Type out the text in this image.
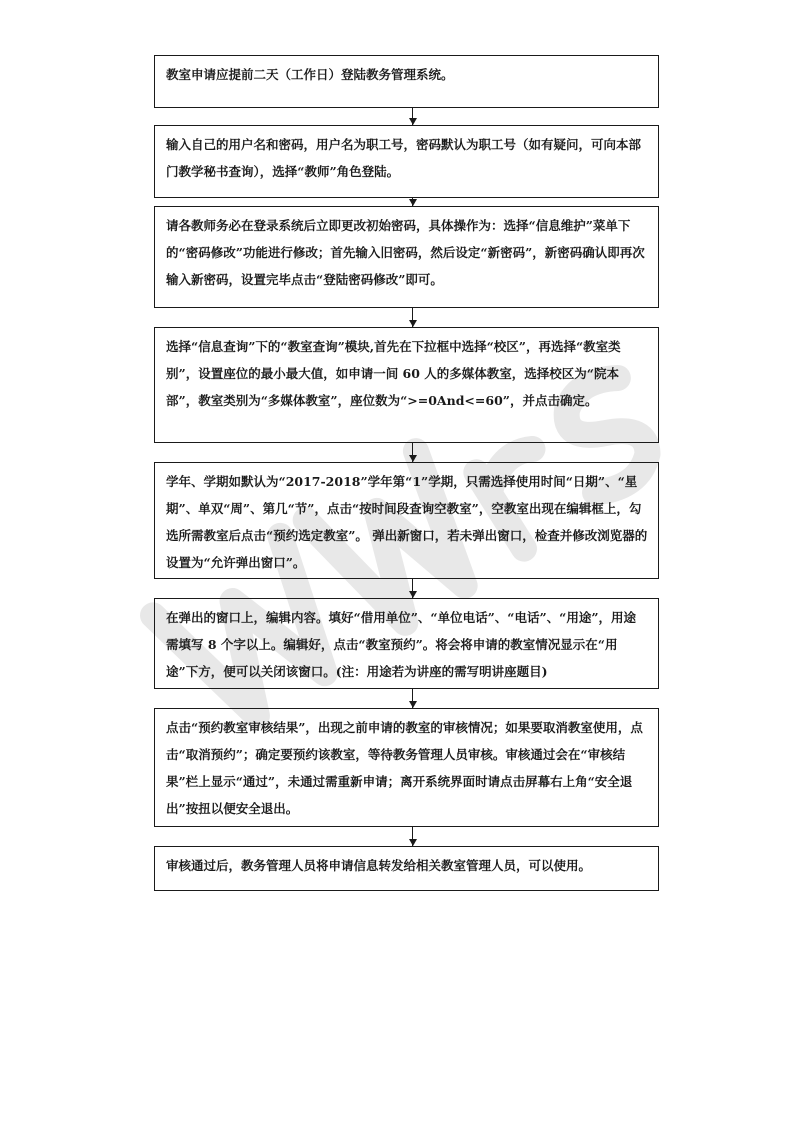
教室申请应提前二天（工作日）登陆教务管理系统。
输入自己的用户名和密码，用户名为职工号，密码默认为职工号（如有疑问，可向本部门教学秘书查询），选择“教师”角色登陆。
请各教师务必在登录系统后立即更改初始密码，具体操作为：选择“信息维护”菜单下的“密码修改”功能进行修改；首先输入旧密码，然后设定“新密码”，新密码确认即再次输入新密码，设置完毕点击“登陆密码修改”即可。
选择“信息查询”下的“教室查询”模块,首先在下拉框中选择“校区”，再选择“教室类别”，设置座位的最小最大值，如申请一间 60 人的多媒体教室，选择校区为“院本部”，教室类别为“多媒体教室”，座位数为“>=0And<=60”，并点击确定。
学年、学期如默认为“2017-2018”学年第“1”学期，只需选择使用时间“日期”、“星期”、单双“周”、第几“节”，点击“按时间段查询空教室”，空教室出现在编辑框上，勾选所需教室后点击“预约选定教室”。 弹出新窗口，若未弹出窗口，检查并修改浏览器的设置为“允许弹出窗口”。
在弹出的窗口上，编辑内容。填好“借用单位”、“单位电话”、“电话”、“用途”，用途需填写 8 个字以上。编辑好，点击“教室预约”。将会将申请的教室情况显示在“用途”下方，便可以关闭该窗口。(注：用途若为讲座的需写明讲座题目)
点击“预约教室审核结果”，出现之前申请的教室的审核情况；如果要取消教室使用，点击“取消预约”；确定要预约该教室，等待教务管理人员审核。审核通过会在“审核结果”栏上显示“通过”，未通过需重新申请；离开系统界面时请点击屏幕右上角“安全退出”按扭以便安全退出。
审核通过后，教务管理人员将申请信息转发给相关教室管理人员，可以使用。
